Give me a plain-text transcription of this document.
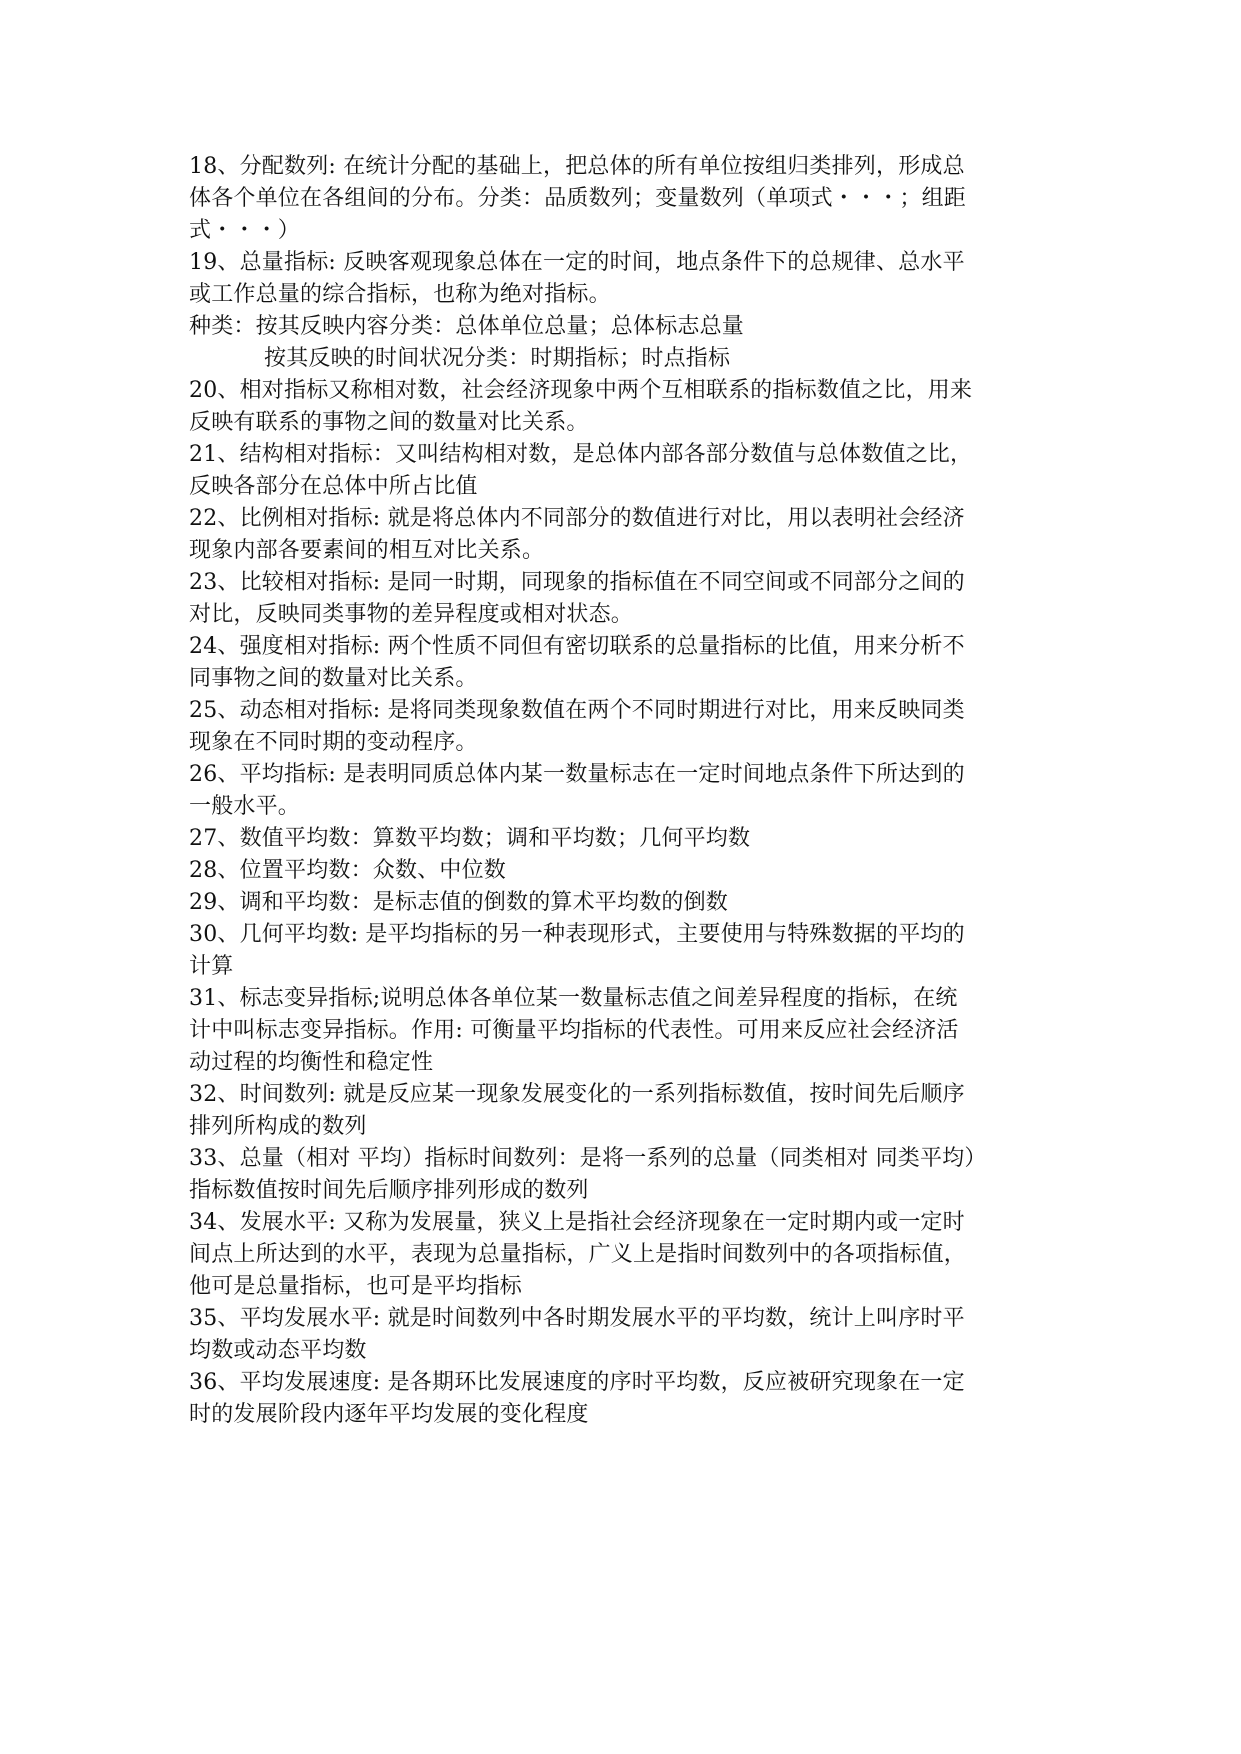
18、分配数列: 在统计分配的基础上，把总体的所有单位按组归类排列，形成总
体各个单位在各组间的分布。分类：品质数列；变量数列（单项式・・・；组距
式・・・）
19、总量指标: 反映客观现象总体在一定的时间，地点条件下的总规律、总水平
或工作总量的综合指标，也称为绝对指标。
种类：按其反映内容分类：总体单位总量；总体标志总量
按其反映的时间状况分类：时期指标；时点指标
20、相对指标又称相对数，社会经济现象中两个互相联系的指标数值之比，用来
反映有联系的事物之间的数量对比关系。
21、结构相对指标：又叫结构相对数，是总体内部各部分数值与总体数值之比，
反映各部分在总体中所占比值
22、比例相对指标: 就是将总体内不同部分的数值进行对比，用以表明社会经济
现象内部各要素间的相互对比关系。
23、比较相对指标: 是同一时期，同现象的指标值在不同空间或不同部分之间的
对比，反映同类事物的差异程度或相对状态。
24、强度相对指标: 两个性质不同但有密切联系的总量指标的比值，用来分析不
同事物之间的数量对比关系。
25、动态相对指标: 是将同类现象数值在两个不同时期进行对比，用来反映同类
现象在不同时期的变动程序。
26、平均指标: 是表明同质总体内某一数量标志在一定时间地点条件下所达到的
一般水平。
27、数值平均数：算数平均数；调和平均数；几何平均数
28、位置平均数：众数、中位数
29、调和平均数：是标志值的倒数的算术平均数的倒数
30、几何平均数: 是平均指标的另一种表现形式，主要使用与特殊数据的平均的
计算
31、标志变异指标;说明总体各单位某一数量标志值之间差异程度的指标，在统
计中叫标志变异指标。作用: 可衡量平均指标的代表性。可用来反应社会经济活
动过程的均衡性和稳定性
32、时间数列: 就是反应某一现象发展变化的一系列指标数值，按时间先后顺序
排列所构成的数列
33、总量（相对 平均）指标时间数列：是将一系列的总量（同类相对 同类平均）
指标数值按时间先后顺序排列形成的数列
34、发展水平: 又称为发展量，狭义上是指社会经济现象在一定时期内或一定时
间点上所达到的水平，表现为总量指标，广义上是指时间数列中的各项指标值，
他可是总量指标，也可是平均指标
35、平均发展水平: 就是时间数列中各时期发展水平的平均数，统计上叫序时平
均数或动态平均数
36、平均发展速度: 是各期环比发展速度的序时平均数，反应被研究现象在一定
时的发展阶段内逐年平均发展的变化程度
